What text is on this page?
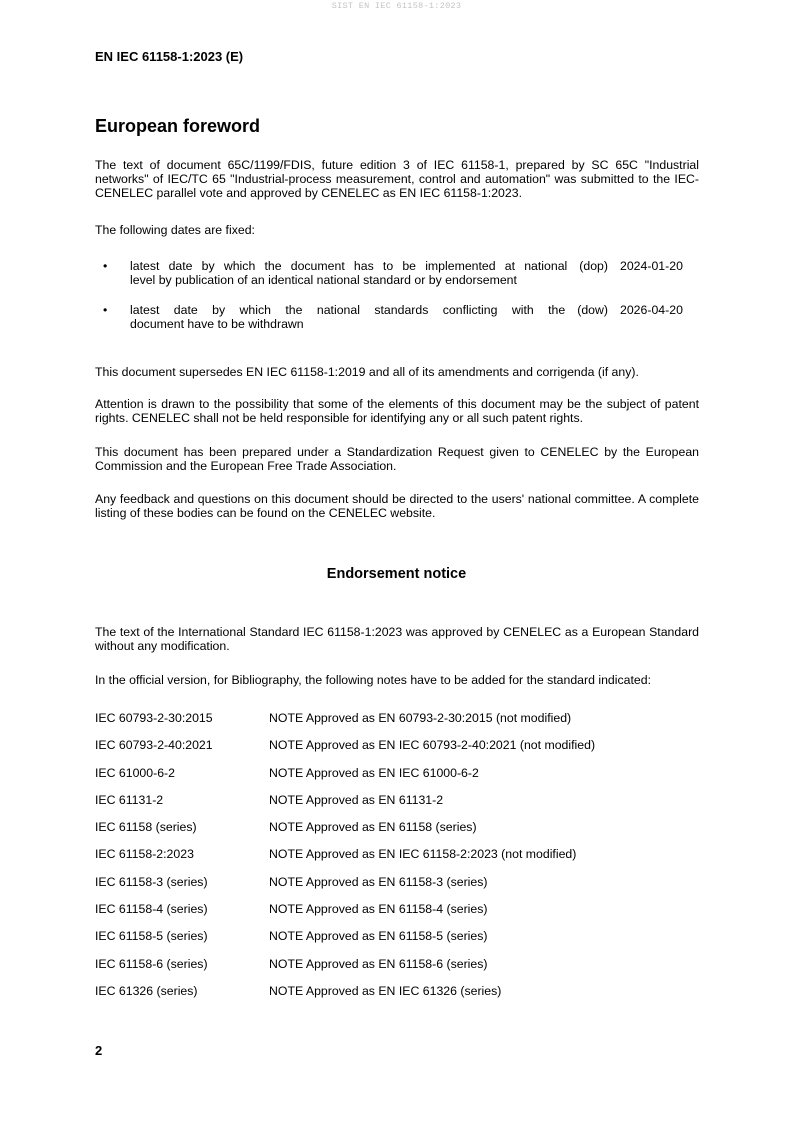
SIST EN IEC 61158-1:2023
EN IEC 61158-1:2023 (E)
European foreword

The text of document 65C/1199/FDIS, future edition 3 of IEC 61158-1, prepared by SC 65C "Industrial networks" of IEC/TC 65 "Industrial-process measurement, control and automation" was submitted to the IEC-CENELEC parallel vote and approved by CENELEC as EN IEC 61158-1:2023.

The following dates are fixed:

• latest date by which the document has to be implemented at national (dop)
level by publication of an identical national standard or by endorsement
2024-01-20
• latest date by which the national standards conflicting with the (dow)
document have to be withdrawn
2026-04-20

This document supersedes EN IEC 61158-1:2019 and all of its amendments and corrigenda (if any).

Attention is drawn to the possibility that some of the elements of this document may be the subject of patent rights. CENELEC shall not be held responsible for identifying any or all such patent rights.

This document has been prepared under a Standardization Request given to CENELEC by the European Commission and the European Free Trade Association.

Any feedback and questions on this document should be directed to the users' national committee. A complete listing of these bodies can be found on the CENELEC website.

Endorsement notice

The text of the International Standard IEC 61158-1:2023 was approved by CENELEC as a European Standard without any modification.

In the official version, for Bibliography, the following notes have to be added for the standard indicated:

IEC 60793-2-30:2015	NOTE Approved as EN 60793-2-30:2015 (not modified)
IEC 60793-2-40:2021	NOTE Approved as EN IEC 60793-2-40:2021 (not modified)
IEC 61000-6-2	NOTE Approved as EN IEC 61000-6-2
IEC 61131-2	NOTE Approved as EN 61131-2
IEC 61158 (series)	NOTE Approved as EN 61158 (series)
IEC 61158-2:2023	NOTE Approved as EN IEC 61158-2:2023 (not modified)
IEC 61158-3 (series)	NOTE Approved as EN 61158-3 (series)
IEC 61158-4 (series)	NOTE Approved as EN 61158-4 (series)
IEC 61158-5 (series)	NOTE Approved as EN 61158-5 (series)
IEC 61158-6 (series)	NOTE Approved as EN 61158-6 (series)
IEC 61326 (series)	NOTE Approved as EN IEC 61326 (series)
2
